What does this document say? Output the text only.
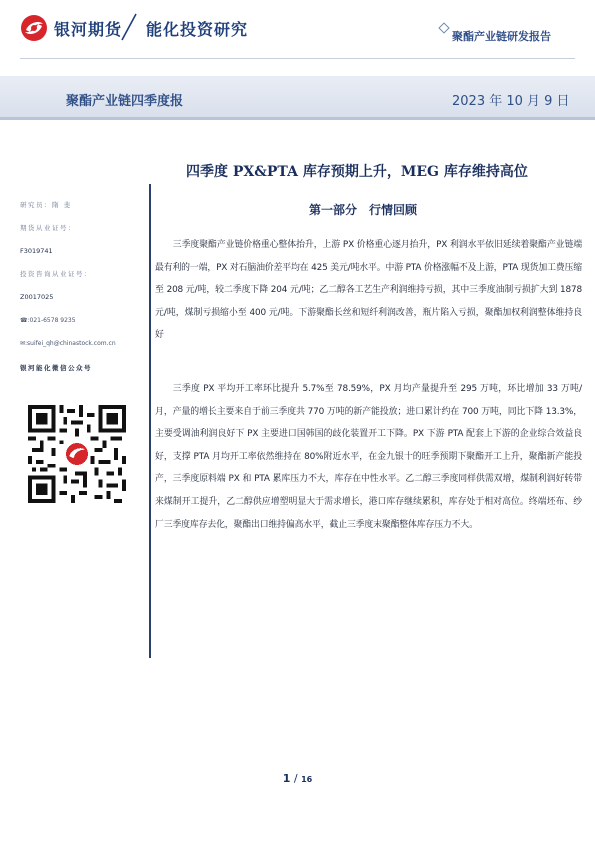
银河期货 能化投资研究	聚酯产业链研发报告
聚酯产业链四季度报	2023 年 10 月 9 日
研究员：隋 斐
期货从业证号：
F3019741
投资咨询从业证号：
Z0017025
☎:021-6578 9235
✉:suifei_qh@chinastock.com.cn
银河能化微信公众号
四季度 PX&PTA 库存预期上升，MEG 库存维持高位
第一部分　行情回顾
三季度聚酯产业链价格重心整体抬升，上游 PX 价格重心逐月抬升，PX 利润水平依旧延续着聚酯产业链端最有利的一端，PX 对石脑油价差平均在 425 美元/吨水平。中游 PTA 价格涨幅不及上游，PTA 现货加工费压缩至 208 元/吨，较二季度下降 204 元/吨；乙二醇各工艺生产利润维持亏损，其中三季度油制亏损扩大到 1878 元/吨，煤制亏损缩小至 400 元/吨。下游聚酯长丝和短纤利润改善，瓶片陷入亏损，聚酯加权利润整体维持良好
三季度 PX 平均开工率环比提升 5.7%至 78.59%，PX 月均产量提升至 295 万吨，环比增加 33 万吨/月，产量的增长主要来自于前三季度共 770 万吨的新产能投放；进口累计约在 700 万吨，同比下降 13.3%，主要受调油利润良好下 PX 主要进口国韩国的歧化装置开工下降。PX 下游 PTA 配套上下游的企业综合效益良好，支撑 PTA 月均开工率依然维持在 80%附近水平，在金九银十的旺季预期下聚酯开工上升，聚酯新产能投产，三季度原料端 PX 和 PTA 累库压力不大，库存在中性水平。乙二醇三季度同样供需双增，煤制利润好转带来煤制开工提升，乙二醇供应增塑明显大于需求增长，港口库存继续累积，库存处于相对高位。终端坯布、纱厂三季度库存去化，聚酯出口维持偏高水平，截止三季度末聚酯整体库存压力不大。
1 / 16
